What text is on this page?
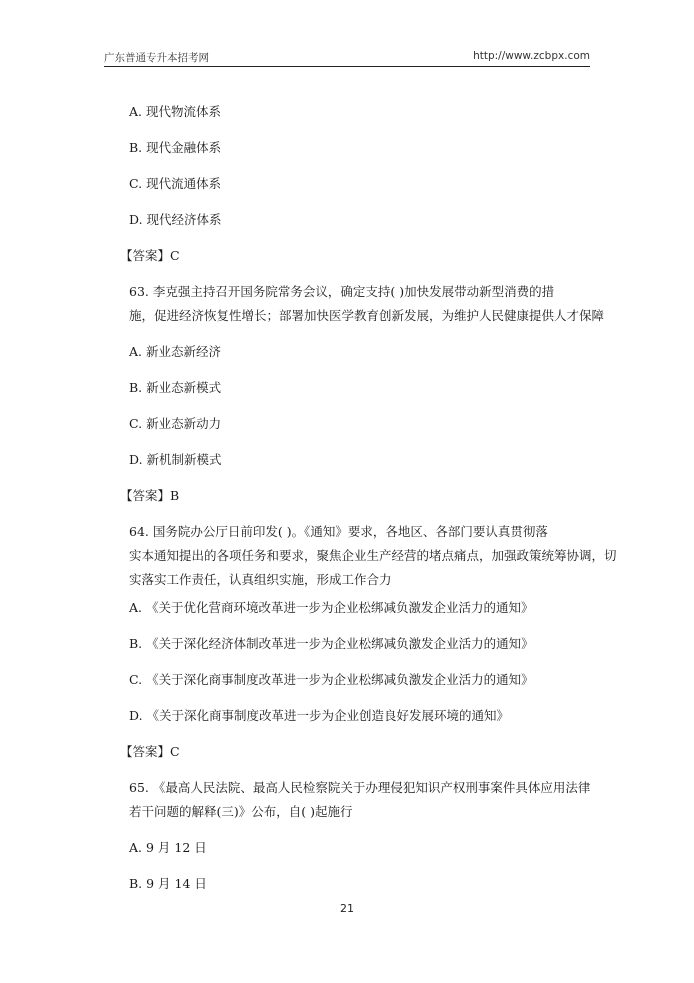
广东普通专升本招考网	http://www.zcbpx.com
A. 现代物流体系
B. 现代金融体系
C. 现代流通体系
D. 现代经济体系
【答案】C
63. 李克强主持召开国务院常务会议，确定支持( )加快发展带动新型消费的措
施，促进经济恢复性增长；部署加快医学教育创新发展，为维护人民健康提供人才保障
A. 新业态新经济
B. 新业态新模式
C. 新业态新动力
D. 新机制新模式
【答案】B
64. 国务院办公厅日前印发( )。《通知》要求，各地区、各部门要认真贯彻落
实本通知提出的各项任务和要求，聚焦企业生产经营的堵点痛点，加强政策统筹协调，切
实落实工作责任，认真组织实施，形成工作合力
A. 《关于优化营商环境改革进一步为企业松绑减负激发企业活力的通知》
B. 《关于深化经济体制改革进一步为企业松绑减负激发企业活力的通知》
C. 《关于深化商事制度改革进一步为企业松绑减负激发企业活力的通知》
D. 《关于深化商事制度改革进一步为企业创造良好发展环境的通知》
【答案】C
65. 《最高人民法院、最高人民检察院关于办理侵犯知识产权刑事案件具体应用法律
若干问题的解释(三)》公布，自( )起施行
A. 9 月 12 日
B. 9 月 14 日
21
